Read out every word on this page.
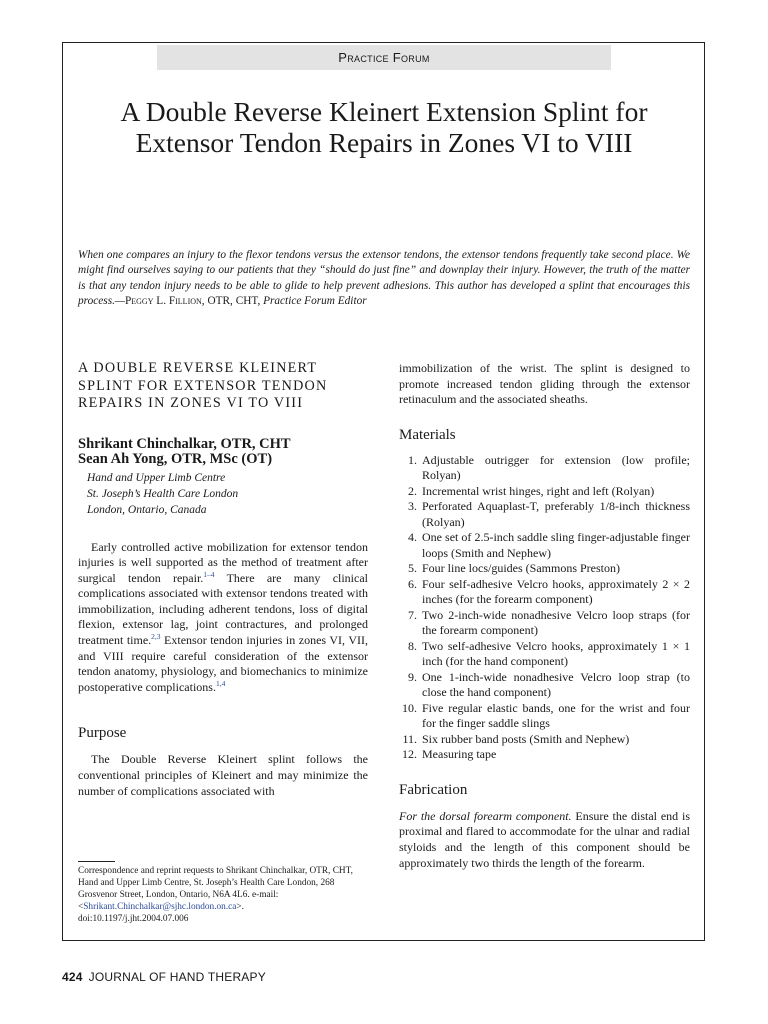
Practice Forum
A Double Reverse Kleinert Extension Splint for Extensor Tendon Repairs in Zones VI to VIII
When one compares an injury to the flexor tendons versus the extensor tendons, the extensor tendons frequently take second place. We might find ourselves saying to our patients that they “should do just fine” and downplay their injury. However, the truth of the matter is that any tendon injury needs to be able to glide to help prevent adhesions. This author has developed a splint that encourages this process.—Peggy L. Fillion, OTR, CHT, Practice Forum Editor
A DOUBLE REVERSE KLEINERT SPLINT FOR EXTENSOR TENDON REPAIRS IN ZONES VI TO VIII
Shrikant Chinchalkar, OTR, CHT
Sean Ah Yong, OTR, MSc (OT)
Hand and Upper Limb Centre
St. Joseph’s Health Care London
London, Ontario, Canada

Early controlled active mobilization for extensor tendon injuries is well supported as the method of treatment after surgical tendon repair.$^{1-4}$ There are many clinical complications associated with extensor tendons treated with immobilization, including adherent tendons, loss of digital flexion, extensor lag, joint contractures, and prolonged treatment time.$^{2,3}$ Extensor tendon injuries in zones VI, VII, and VIII require careful consideration of the extensor tendon anatomy, physiology, and biomechanics to minimize postoperative complications.$^{1,4}$

Purpose

The Double Reverse Kleinert splint follows the conventional principles of Kleinert and may minimize the number of complications associated with

Correspondence and reprint requests to Shrikant Chinchalkar, OTR, CHT, Hand and Upper Limb Centre, St. Joseph’s Health Care London, 268 Grosvenor Street, London, Ontario, N6A 4L6. e-mail: <Shrikant.Chinchalkar@sjhc.london.on.ca>.
doi:10.1197/j.jht.2004.07.006

immobilization of the wrist. The splint is designed to promote increased tendon gliding through the extensor retinaculum and the associated sheaths.

Materials
1. Adjustable outrigger for extension (low profile; Rolyan)
2. Incremental wrist hinges, right and left (Rolyan)
3. Perforated Aquaplast-T, preferably 1/8-inch thickness (Rolyan)
4. One set of 2.5-inch saddle sling finger-adjustable finger loops (Smith and Nephew)
5. Four line locs/guides (Sammons Preston)
6. Four self-adhesive Velcro hooks, approximately 2 × 2 inches (for the forearm component)
7. Two 2-inch-wide nonadhesive Velcro loop straps (for the forearm component)
8. Two self-adhesive Velcro hooks, approximately 1 × 1 inch (for the hand component)
9. One 1-inch-wide nonadhesive Velcro loop strap (to close the hand component)
10. Five regular elastic bands, one for the wrist and four for the finger saddle slings
11. Six rubber band posts (Smith and Nephew)
12. Measuring tape
Fabrication

For the dorsal forearm component. Ensure the distal end is proximal and flared to accommodate for the ulnar and radial styloids and the length of this component should be approximately two thirds the length of the forearm.

424 JOURNAL OF HAND THERAPY
